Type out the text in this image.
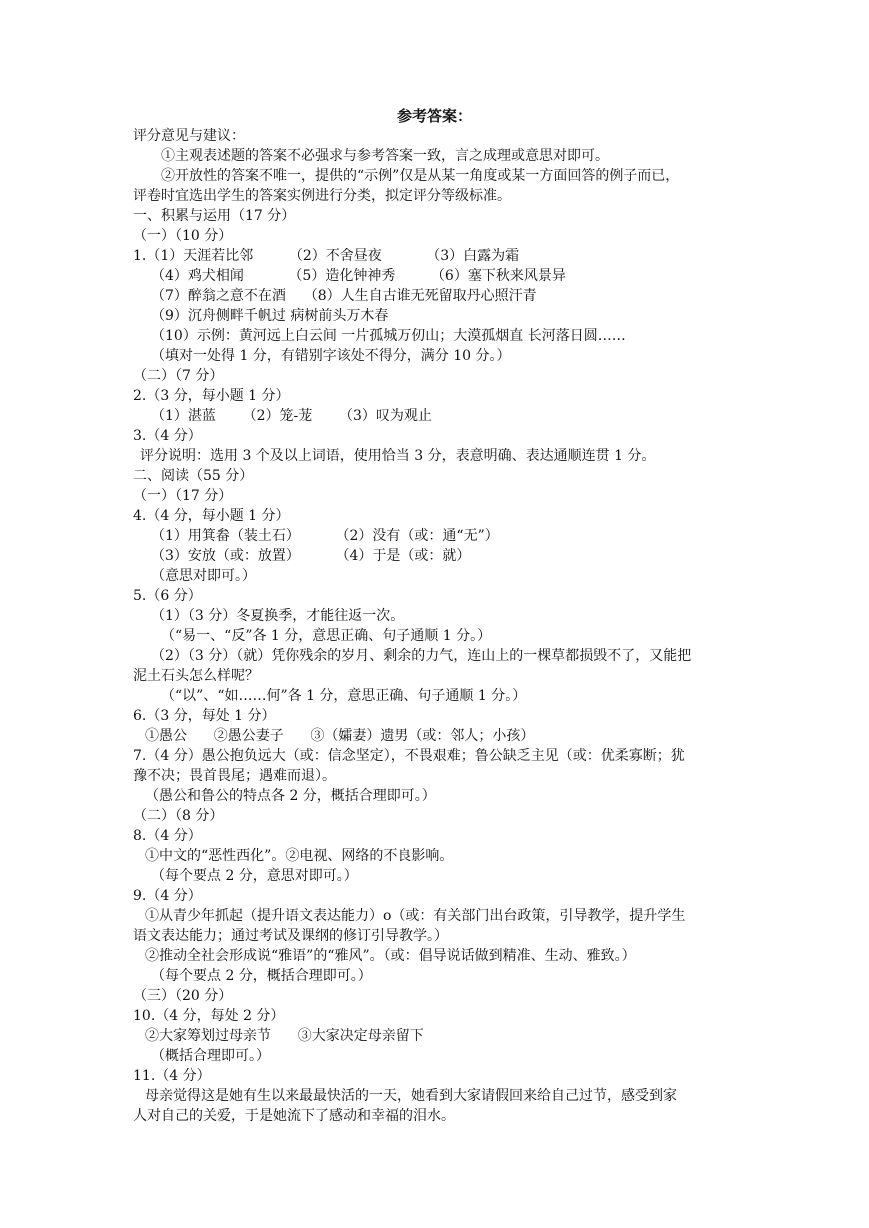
参考答案：
评分意见与建议：
①主观表述题的答案不必强求与参考答案一致，言之成理或意思对即可。
②开放性的答案不唯一，提供的“示例”仅是从某一角度或某一方面回答的例子而已，
评卷时宜选出学生的答案实例进行分类，拟定评分等级标准。
一、积累与运用（17 分）
（一）（10 分）
1.（1）天涯若比邻        （2）不舍昼夜          （3）白露为霜
（4）鸡犬相闻          （5）造化钟神秀        （6）塞下秋来风景异
（7）醉翁之意不在酒    （8）人生自古谁无死留取丹心照汗青
（9）沉舟侧畔千帆过 病树前头万木春
（10）示例：黄河远上白云间 一片孤城万仞山；大漠孤烟直 长河落日圆……
（填对一处得 1 分，有错别字该处不得分，满分 10 分。）
（二）（7 分）
2.（3 分，每小题 1 分）
（1）湛蓝      （2）笼-茏      （3）叹为观止
3.（4 分）
评分说明：选用 3 个及以上词语，使用恰当 3 分，表意明确、表达通顺连贯 1 分。
二、阅读（55 分）
（一）（17 分）
4.（4 分，每小题 1 分）
（1）用箕畚（装土石）        （2）没有（或：通“无”）
（3）安放（或：放置）        （4）于是（或：就）
（意思对即可。）
5.（6 分）
（1）（3 分）冬夏换季，才能往返一次。
（“易一、“反”各 1 分，意思正确、句子通顺 1 分。）
（2）（3 分）（就）凭你残余的岁月、剩余的力气，连山上的一棵草都损毁不了，又能把
泥土石头怎么样呢？
（“以”、“如……何”各 1 分，意思正确、句子通顺 1 分。）
6.（3 分，每处 1 分）
①愚公      ②愚公妻子      ③（孀妻）遗男（或：邻人；小孩）
7.（4 分）愚公抱负远大（或：信念坚定），不畏艰难；鲁公缺乏主见（或：优柔寡断；犹
豫不决；畏首畏尾；遇难而退）。
（愚公和鲁公的特点各 2 分，概括合理即可。）
（二）（8 分）
8.（4 分）
①中文的“恶性西化”。②电视、网络的不良影响。
（每个要点 2 分，意思对即可。）
9.（4 分）
①从青少年抓起（提升语文表达能力）o（或：有关部门出台政策，引导教学，提升学生
语文表达能力；通过考试及课纲的修订引导教学。）
②推动全社会形成说“雅语”的“雅风”。（或：倡导说话做到精准、生动、雅致。）
（每个要点 2 分，概括合理即可。）
（三）（20 分）
10.（4 分，每处 2 分）
②大家筹划过母亲节      ③大家决定母亲留下
（概括合理即可。）
11.（4 分）
母亲觉得这是她有生以来最最快活的一天，她看到大家请假回来给自己过节，感受到家
人对自己的关爱，于是她流下了感动和幸福的泪水。
